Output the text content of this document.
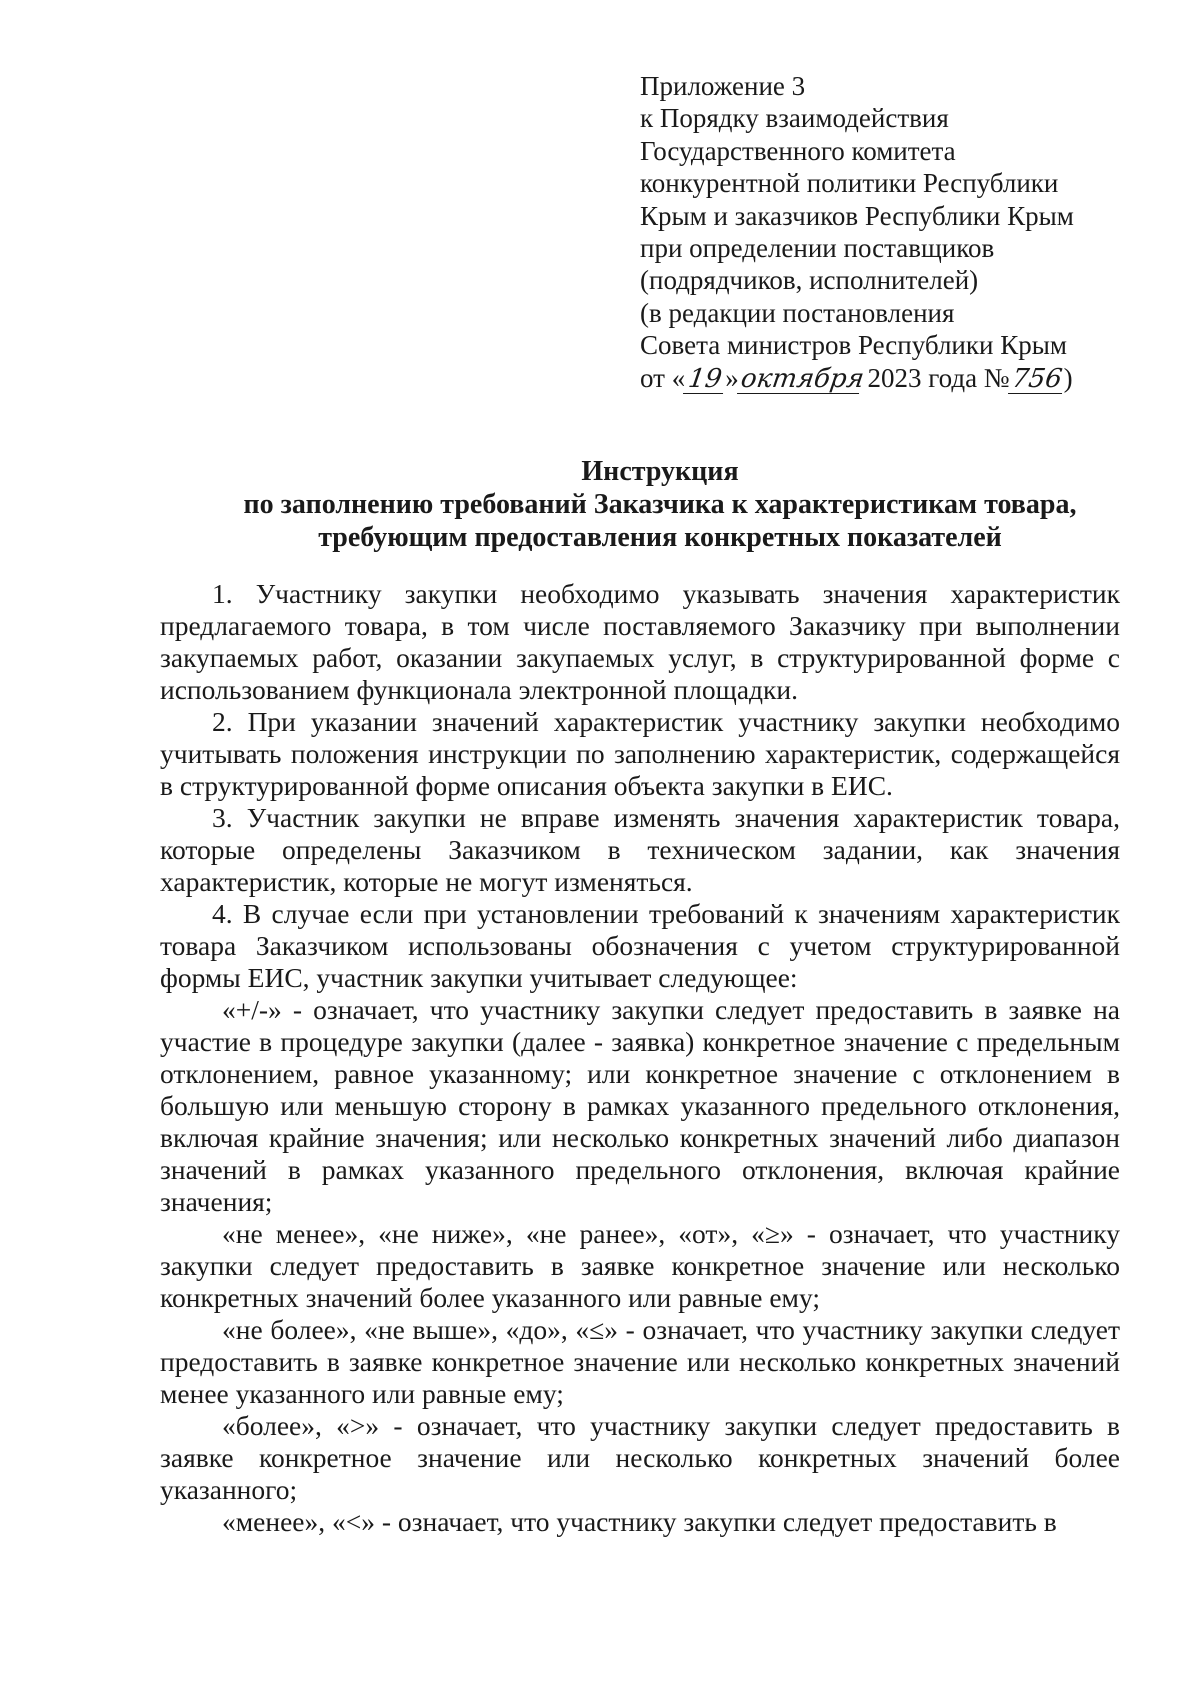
Приложение 3
к Порядку взаимодействия
Государственного комитета
конкурентной политики Республики
Крым и заказчиков Республики Крым
при определении поставщиков
(подрядчиков, исполнителей)
(в редакции постановления
Совета министров Республики Крым
от «19»октября 2023 года №756)
Инструкция
по заполнению требований Заказчика к характеристикам товара,
требующим предоставления конкретных показателей

1. Участнику закупки необходимо указывать значения характеристик предлагаемого товара, в том числе поставляемого Заказчику при выполнении закупаемых работ, оказании закупаемых услуг, в структурированной форме с использованием функционала электронной площадки.

2. При указании значений характеристик участнику закупки необходимо учитывать положения инструкции по заполнению характеристик, содержащейся в структурированной форме описания объекта закупки в ЕИС.

3. Участник закупки не вправе изменять значения характеристик товара, которые определены Заказчиком в техническом задании, как значения характеристик, которые не могут изменяться.

4. В случае если при установлении требований к значениям характеристик товара Заказчиком использованы обозначения с учетом структурированной формы ЕИС, участник закупки учитывает следующее:

«+/-» - означает, что участнику закупки следует предоставить в заявке на участие в процедуре закупки (далее - заявка) конкретное значение с предельным отклонением, равное указанному; или конкретное значение с отклонением в большую или меньшую сторону в рамках указанного предельного отклонения, включая крайние значения; или несколько конкретных значений либо диапазон значений в рамках указанного предельного отклонения, включая крайние значения;

«не менее», «не ниже», «не ранее», «от», «≥» - означает, что участнику закупки следует предоставить в заявке конкретное значение или несколько конкретных значений более указанного или равные ему;

«не более», «не выше», «до», «≤» - означает, что участнику закупки следует предоставить в заявке конкретное значение или несколько конкретных значений менее указанного или равные ему;

«более», «>» - означает, что участнику закупки следует предоставить в заявке конкретное значение или несколько конкретных значений более указанного;

«менее», «<» - означает, что участнику закупки следует предоставить в
